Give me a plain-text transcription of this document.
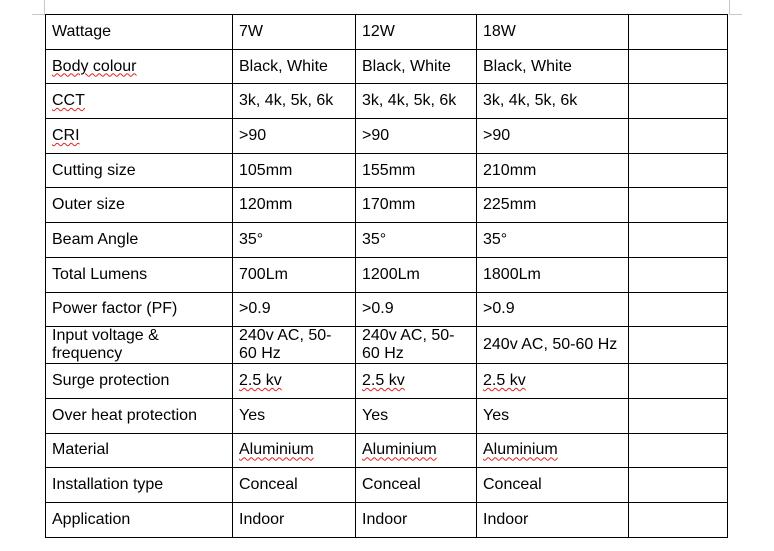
Wattage	7W	12W	18W	
Body colour	Black, White	Black, White	Black, White	
CCT	3k, 4k, 5k, 6k	3k, 4k, 5k, 6k	3k, 4k, 5k, 6k	
CRI	>90	>90	>90	
Cutting size	105mm	155mm	210mm	
Outer size	120mm	170mm	225mm	
Beam Angle	35°	35°	35°	
Total Lumens	700Lm	1200Lm	1800Lm	
Power factor (PF)	>0.9	>0.9	>0.9	
Input voltage & frequency	240v AC, 50-60 Hz	240v AC, 50-60 Hz	240v AC, 50-60 Hz	
Surge protection	2.5 kv	2.5 kv	2.5 kv	
Over heat protection	Yes	Yes	Yes	
Material	Aluminium	Aluminium	Aluminium	
Installation type	Conceal	Conceal	Conceal	
Application	Indoor	Indoor	Indoor	
